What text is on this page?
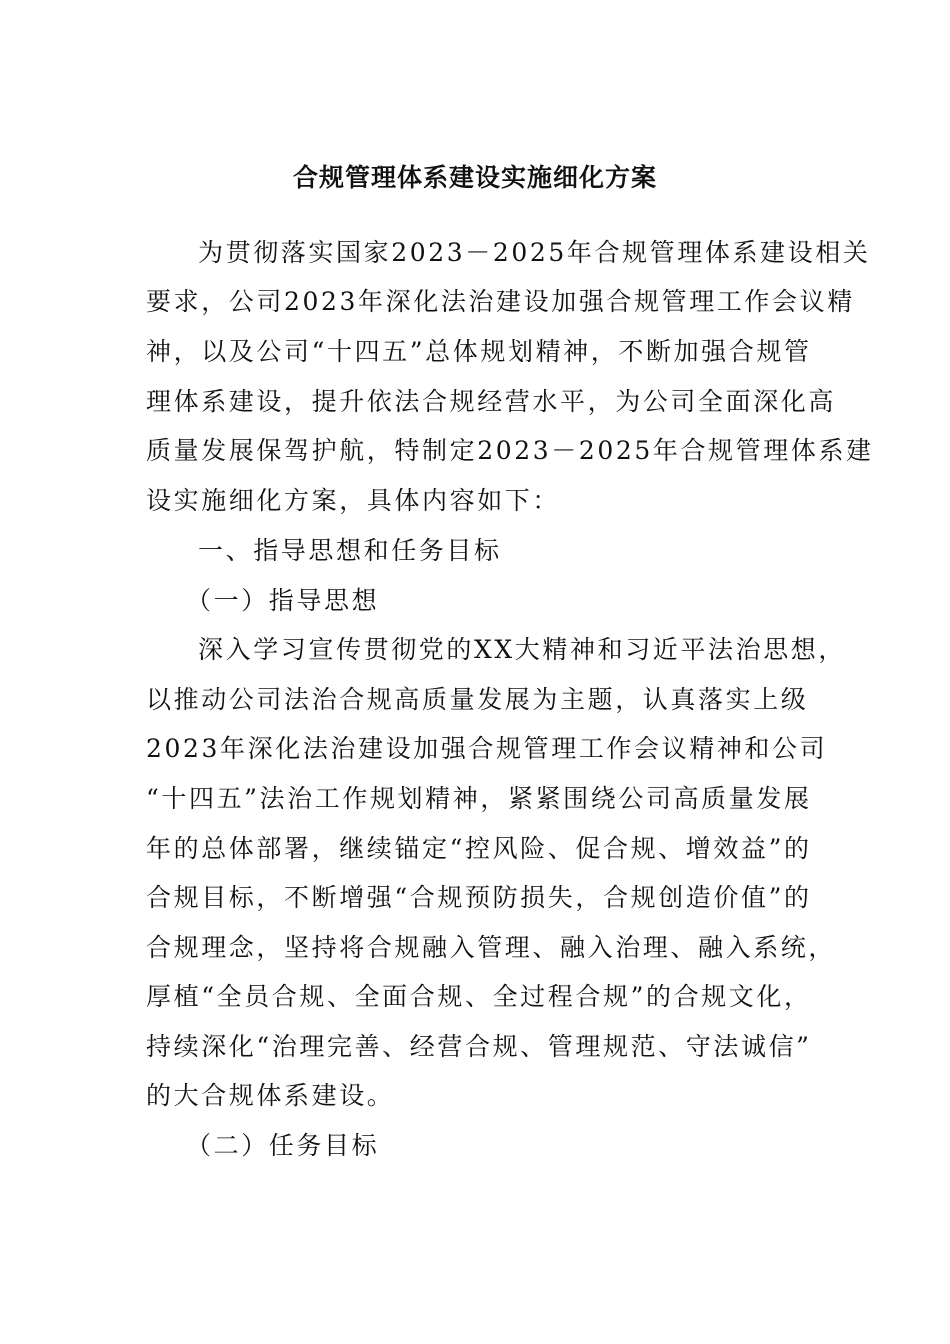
合规管理体系建设实施细化方案
为贯彻落实国家2023－2025年合规管理体系建设相关
要求，公司2023年深化法治建设加强合规管理工作会议精
神，以及公司“十四五”总体规划精神，不断加强合规管
理体系建设，提升依法合规经营水平，为公司全面深化高
质量发展保驾护航，特制定2023－2025年合规管理体系建
设实施细化方案，具体内容如下：
一、指导思想和任务目标
（一）指导思想
深入学习宣传贯彻党的XX大精神和习近平法治思想，
以推动公司法治合规高质量发展为主题，认真落实上级
2023年深化法治建设加强合规管理工作会议精神和公司
“十四五”法治工作规划精神，紧紧围绕公司高质量发展
年的总体部署，继续锚定“控风险、促合规、增效益”的
合规目标，不断增强“合规预防损失，合规创造价值”的
合规理念，坚持将合规融入管理、融入治理、融入系统，
厚植“全员合规、全面合规、全过程合规”的合规文化，
持续深化“治理完善、经营合规、管理规范、守法诚信”
的大合规体系建设。
（二）任务目标
